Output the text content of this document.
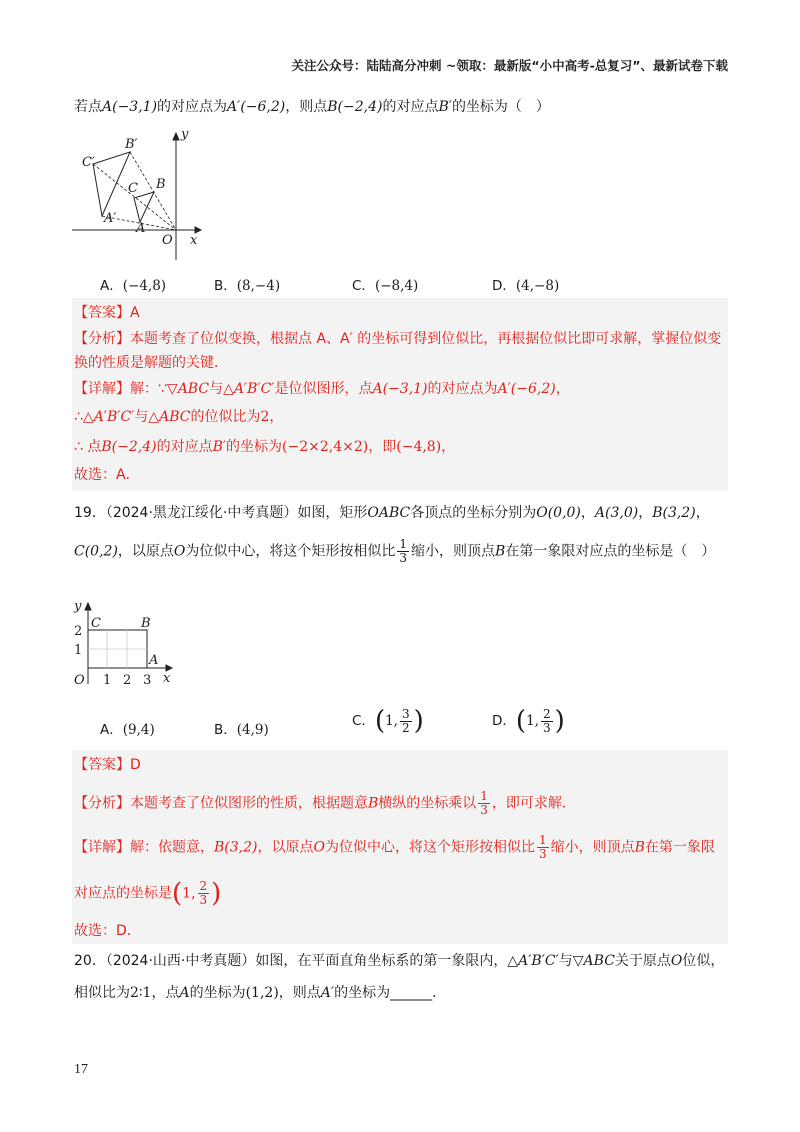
关注公众号：陆陆高分冲刺 ~领取：最新版“小中高考-总复习”、最新试卷下载
若点A(−3,1)的对应点为A′(−6,2)，则点B(−2,4)的对应点B′的坐标为（　）
C′
B′
C B
A′
A
O x
y
A．(−4,8)	B．(8,−4)	C．(−8,4)	D．(4,−8)
【答案】A
【分析】本题考查了位似变换，根据点 A、A′ 的坐标可得到位似比，再根据位似比即可求解，掌握位似变
换的性质是解题的关键．
【详解】解：∵▽ABC与△A′B′C′是位似图形，点A(−3,1)的对应点为A′(−6,2)，
∴△A′B′C′与△ABC的位似比为2，
∴ 点B(−2,4)的对应点B′的坐标为(−2×2,4×2)，即(−4,8)，
故选：A．
19．（2024·黑龙江绥化·中考真题）如图，矩形OABC各顶点的坐标分别为O(0,0)，A(3,0)，B(3,2)，
C(0,2)，以原点O为位似中心，将这个矩形按相似比 $\frac{1}{3}$ 缩小，则顶点B在第一象限对应点的坐标是（　）
y
2
1
C	B
A
O 1 2 3 x
A．(9,4)	B．(4,9)
C．(1, $\frac{3}{2}$ )	D．(1, $\frac{2}{3}$ )
【答案】D
【分析】本题考查了位似图形的性质，根据题意B横纵的坐标乘以 $\frac{1}{3}$ ，即可求解．
【详解】解：依题意，B(3,2)，以原点O为位似中心，将这个矩形按相似比 $\frac{1}{3}$ 缩小，则顶点B在第一象限
对应点的坐标是(1, $\frac{2}{3}$ )
故选：D．
20．（2024·山西·中考真题）如图，在平面直角坐标系的第一象限内，△A′B′C′与▽ABC关于原点O位似，
相似比为2∶1，点A的坐标为(1,2)，则点A′的坐标为______．
17
